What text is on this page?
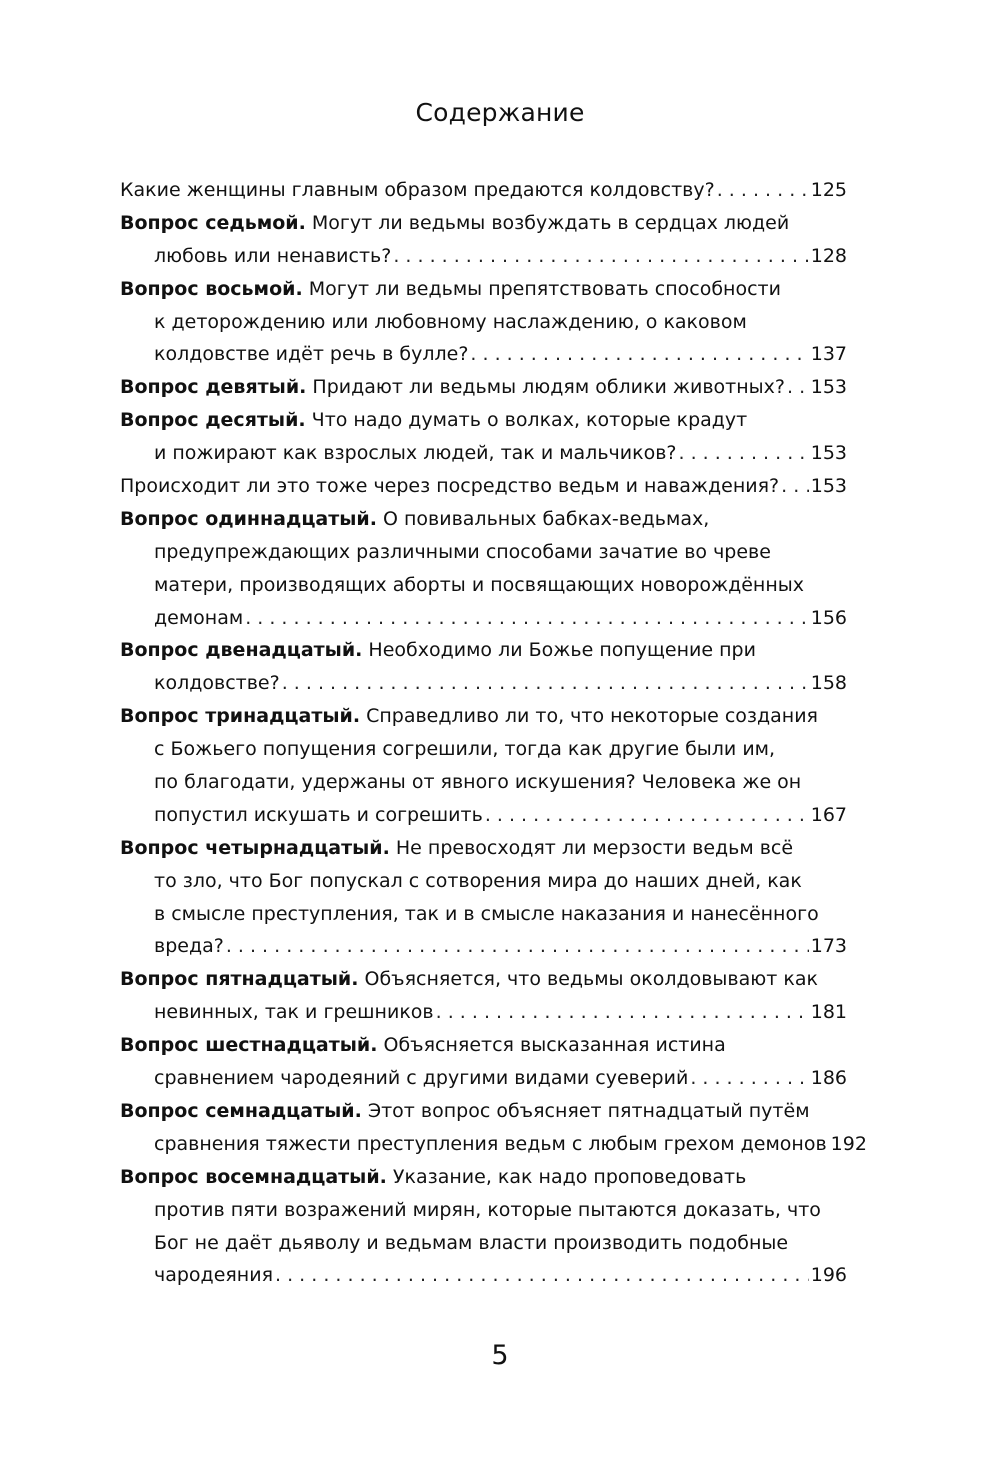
Содержание
Какие женщины главным образом предаются колдовству? . . .	125
Вопрос седьмой. Могут ли ведьмы возбуждать в сердцах людей
любовь или ненависть? . . .	128
Вопрос восьмой. Могут ли ведьмы препятствовать способности
к деторождению или любовному наслаждению, о каковом
колдовстве идёт речь в булле? . . .	137
Вопрос девятый. Придают ли ведьмы людям облики животных? . . . 153
Вопрос десятый. Что надо думать о волках, которые крадут
и пожирают как взрослых людей, так и мальчиков? . . .	153
Происходит ли это тоже через посредство ведьм и наваждения? . . . 153
Вопрос одиннадцатый. О повивальных бабках-ведьмах,
предупреждающих различными способами зачатие во чреве
матери, производящих аборты и посвящающих новорождённых
демонам . . .	156
Вопрос двенадцатый. Необходимо ли Божье попущение при
колдовстве? . . .	158
Вопрос тринадцатый. Справедливо ли то, что некоторые создания
с Божьего попущения согрешили, тогда как другие были им,
по благодати, удержаны от явного искушения? Человека же он
попустил искушать и согрешить . . .	167
Вопрос четырнадцатый. Не превосходят ли мерзости ведьм всё
то зло, что Бог попускал с сотворения мира до наших дней, как
в смысле преступления, так и в смысле наказания и нанесённого
вреда? . . .	173
Вопрос пятнадцатый. Объясняется, что ведьмы околдовывают как
невинных, так и грешников . . .	181
Вопрос шестнадцатый. Объясняется высказанная истина
сравнением чародеяний с другими видами суеверий . . .	186
Вопрос семнадцатый. Этот вопрос объясняет пятнадцатый путём
сравнения тяжести преступления ведьм с любым грехом демонов 192
Вопрос восемнадцатый. Указание, как надо проповедовать
против пяти возражений мирян, которые пытаются доказать, что
Бог не даёт дьяволу и ведьмам власти производить подобные
чародеяния . . .	196
5
